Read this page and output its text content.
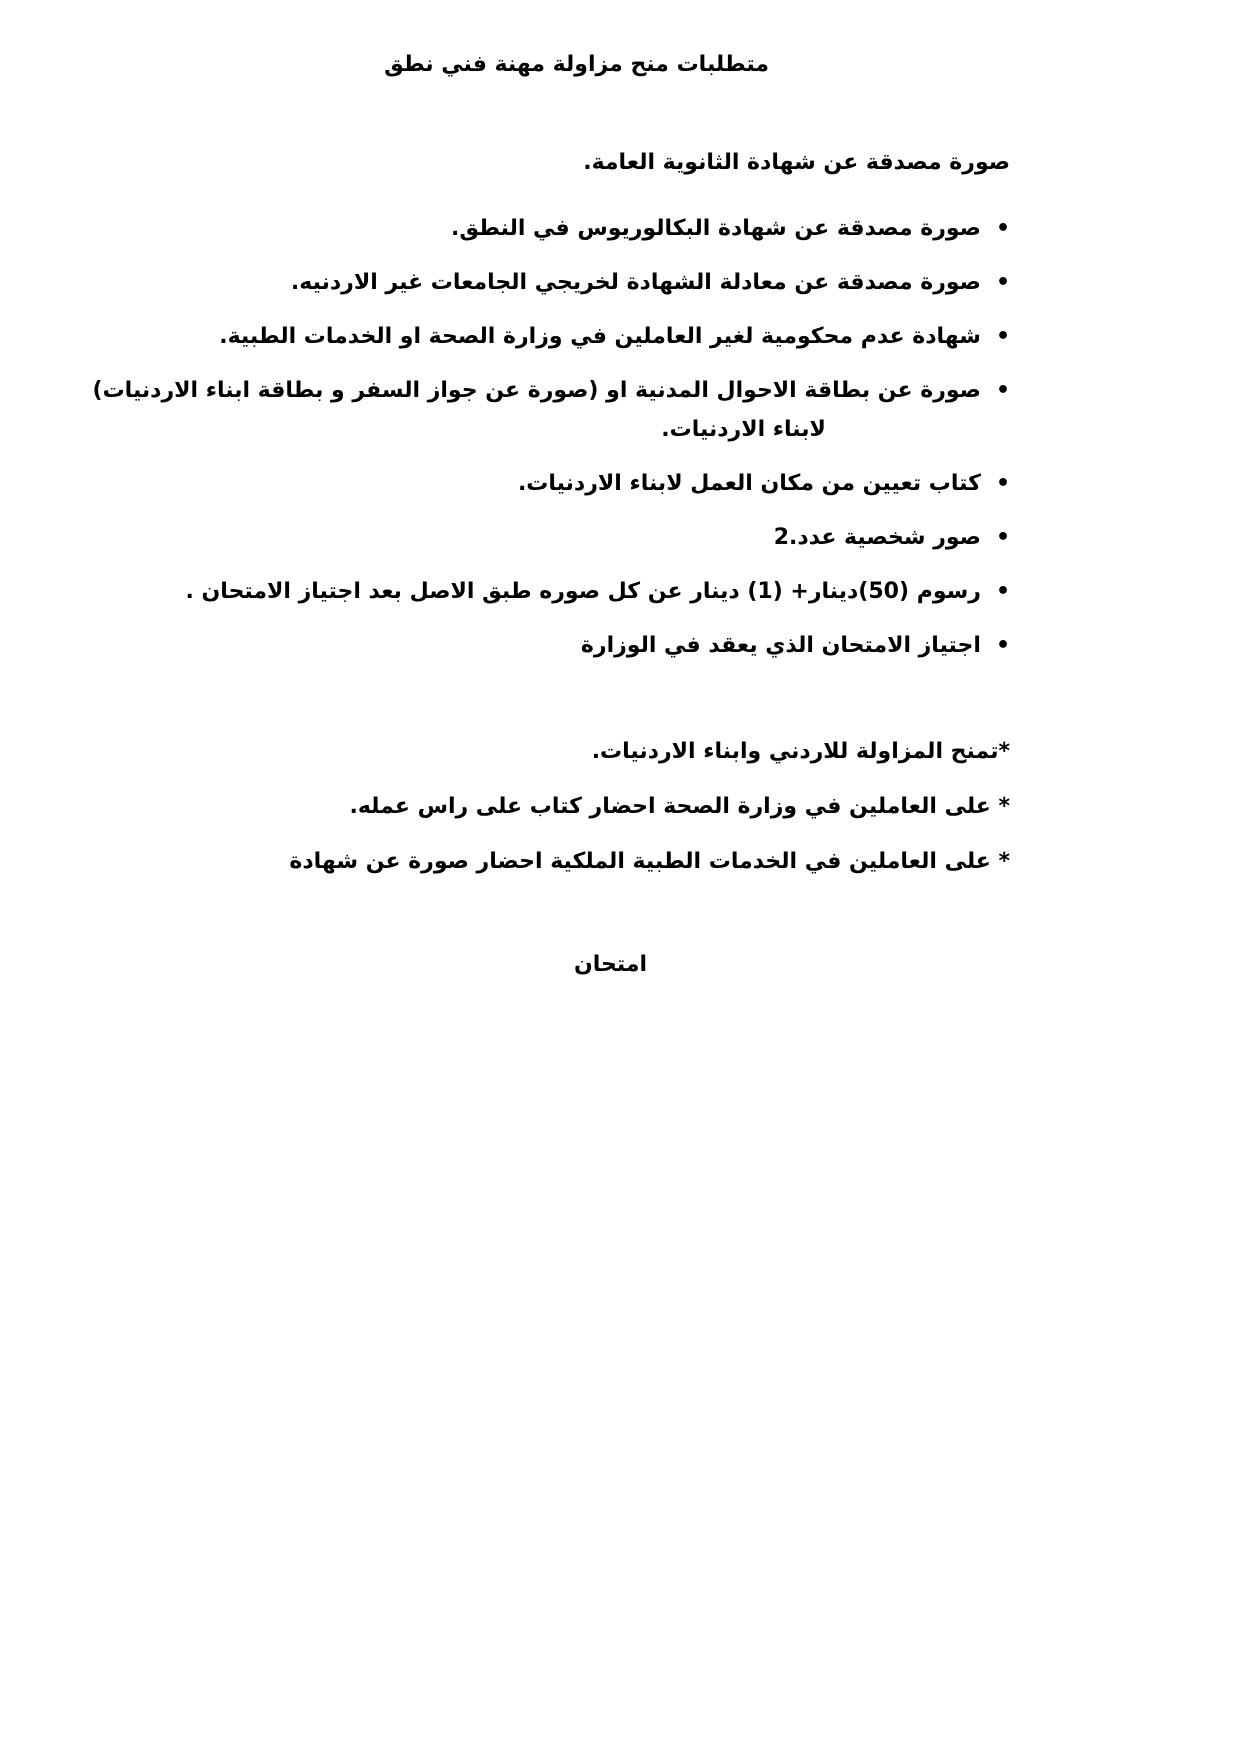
متطلبات منح مزاولة مهنة فني نطق
صورة مصدقة عن شهادة الثانوية العامة.
•
صورة مصدقة عن شهادة البكالوريوس في النطق.
•
صورة مصدقة عن معادلة الشهادة لخريجي الجامعات غير الاردنيه.
•
شهادة عدم محكومية لغير العاملين في وزارة الصحة او الخدمات الطبية.
•
صورة عن بطاقة الاحوال المدنية او (صورة عن جواز السفر و بطاقة ابناء الاردنيات)
لابناء الاردنيات.
•
كتاب تعيين من مكان العمل لابناء الاردنيات.
•
صور شخصية عدد.2
•
رسوم (50)دينار+ (1) دينار عن كل صوره طبق الاصل بعد اجتياز الامتحان .
•
اجتياز الامتحان الذي يعقد في الوزارة
*تمنح المزاولة للاردني وابناء الاردنيات.
* على العاملين في وزارة الصحة احضار كتاب على راس عمله.
* على العاملين في الخدمات الطبية الملكية احضار صورة عن شهادة
امتحان
